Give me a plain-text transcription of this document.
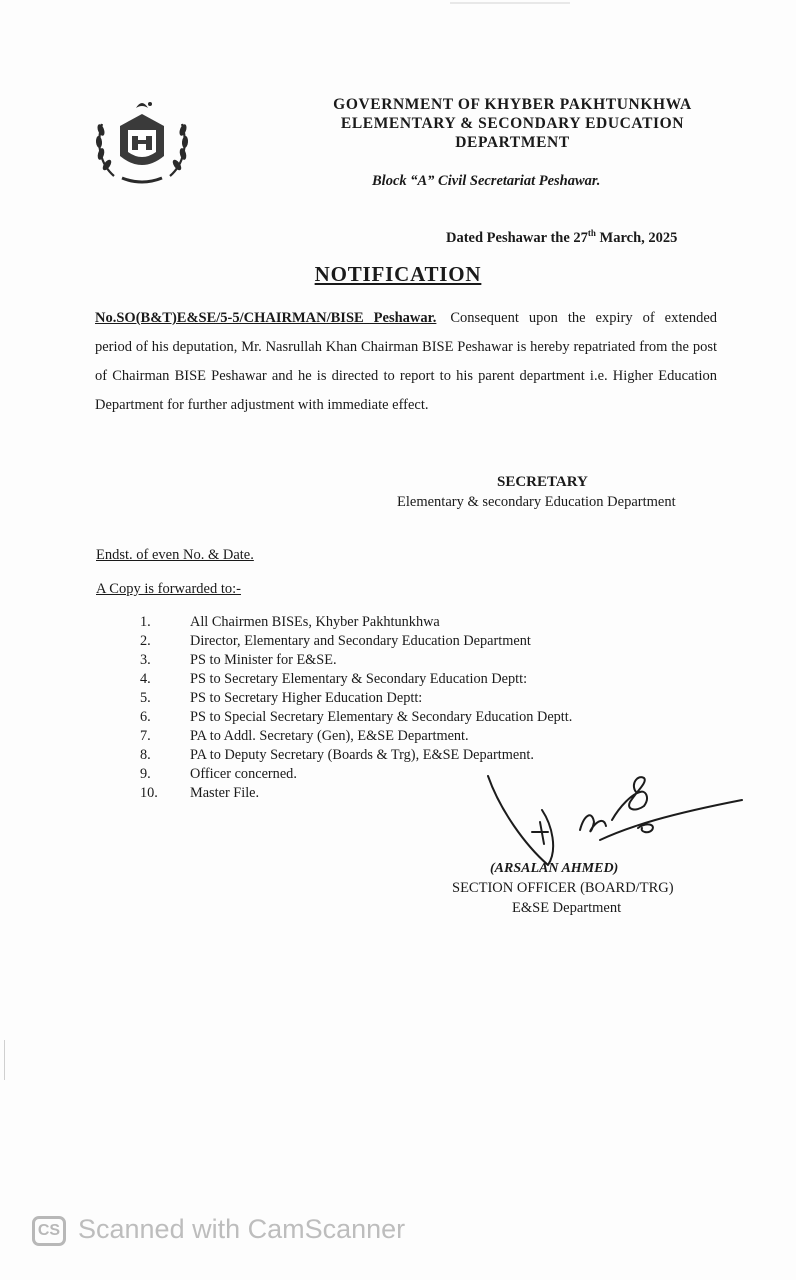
GOVERNMENT OF KHYBER PAKHTUNKHWA
ELEMENTARY & SECONDARY EDUCATION
DEPARTMENT
Block “A” Civil Secretariat Peshawar.
Dated Peshawar the 27th March, 2025
NOTIFICATION
No.SO(B&T)E&SE/5-5/CHAIRMAN/BISE Peshawar. Consequent upon the expiry of extended period of his deputation, Mr. Nasrullah Khan Chairman BISE Peshawar is hereby repatriated from the post of Chairman BISE Peshawar and he is directed to report to his parent department i.e. Higher Education Department for further adjustment with immediate effect.
SECRETARY
Elementary & secondary Education Department
Endst. of even No. & Date.
A Copy is forwarded to:-
1.	All Chairmen BISEs, Khyber Pakhtunkhwa
2.	Director, Elementary and Secondary Education Department
3.	PS to Minister for E&SE.
4.	PS to Secretary Elementary & Secondary Education Deptt:
5.	PS to Secretary Higher Education Deptt:
6.	PS to Special Secretary Elementary & Secondary Education Deptt.
7.	PA to Addl. Secretary (Gen), E&SE Department.
8.	PA to Deputy Secretary (Boards & Trg), E&SE Department.
9.	Officer concerned.
10.	Master File.
(ARSALAN AHMED)
SECTION OFFICER (BOARD/TRG)
E&SE Department
CS Scanned with CamScanner
